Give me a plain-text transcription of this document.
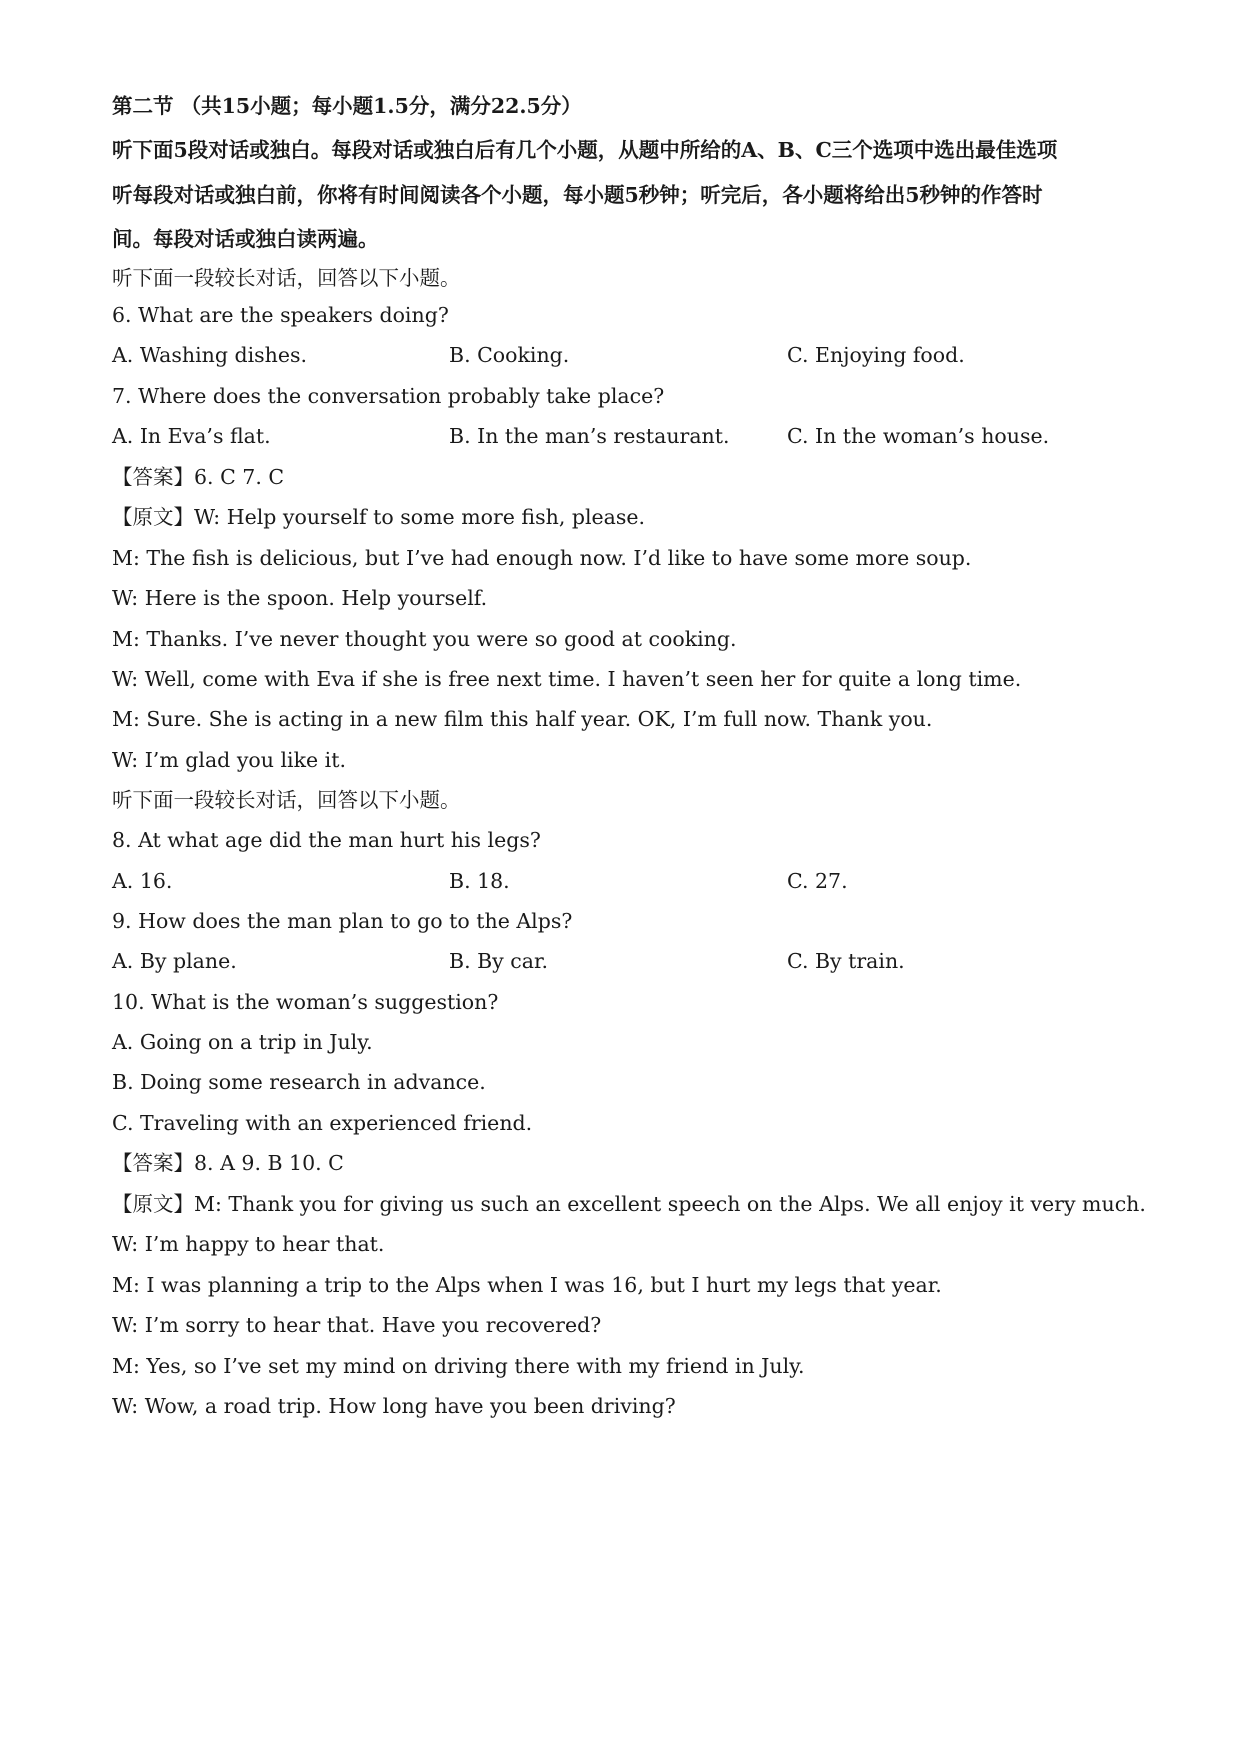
第二节 （共15小题；每小题1.5分，满分22.5分）
听下面5段对话或独白。每段对话或独白后有几个小题，从题中所给的A、B、C三个选项中选出最佳选项
听每段对话或独白前，你将有时间阅读各个小题，每小题5秒钟；听完后，各小题将给出5秒钟的作答时
间。每段对话或独白读两遍。
听下面一段较长对话，回答以下小题。
6. What are the speakers doing?
A. Washing dishes.	B. Cooking.	C. Enjoying food.
7. Where does the conversation probably take place?
A. In Eva’s flat.	B. In the man’s restaurant.	C. In the woman’s house.
【答案】6. C 7. C
【原文】W: Help yourself to some more fish, please.
M: The fish is delicious, but I’ve had enough now. I’d like to have some more soup.
W: Here is the spoon. Help yourself.
M: Thanks. I’ve never thought you were so good at cooking.
W: Well, come with Eva if she is free next time. I haven’t seen her for quite a long time.
M: Sure. She is acting in a new film this half year. OK, I’m full now. Thank you.
W: I’m glad you like it.
听下面一段较长对话，回答以下小题。
8. At what age did the man hurt his legs?
A. 16.	B. 18.	C. 27.
9. How does the man plan to go to the Alps?
A. By plane.	B. By car.	C. By train.
10. What is the woman’s suggestion?
A. Going on a trip in July.
B. Doing some research in advance.
C. Traveling with an experienced friend.
【答案】8. A 9. B 10. C
【原文】M: Thank you for giving us such an excellent speech on the Alps. We all enjoy it very much.
W: I’m happy to hear that.
M: I was planning a trip to the Alps when I was 16, but I hurt my legs that year.
W: I’m sorry to hear that. Have you recovered?
M: Yes, so I’ve set my mind on driving there with my friend in July.
W: Wow, a road trip. How long have you been driving?
